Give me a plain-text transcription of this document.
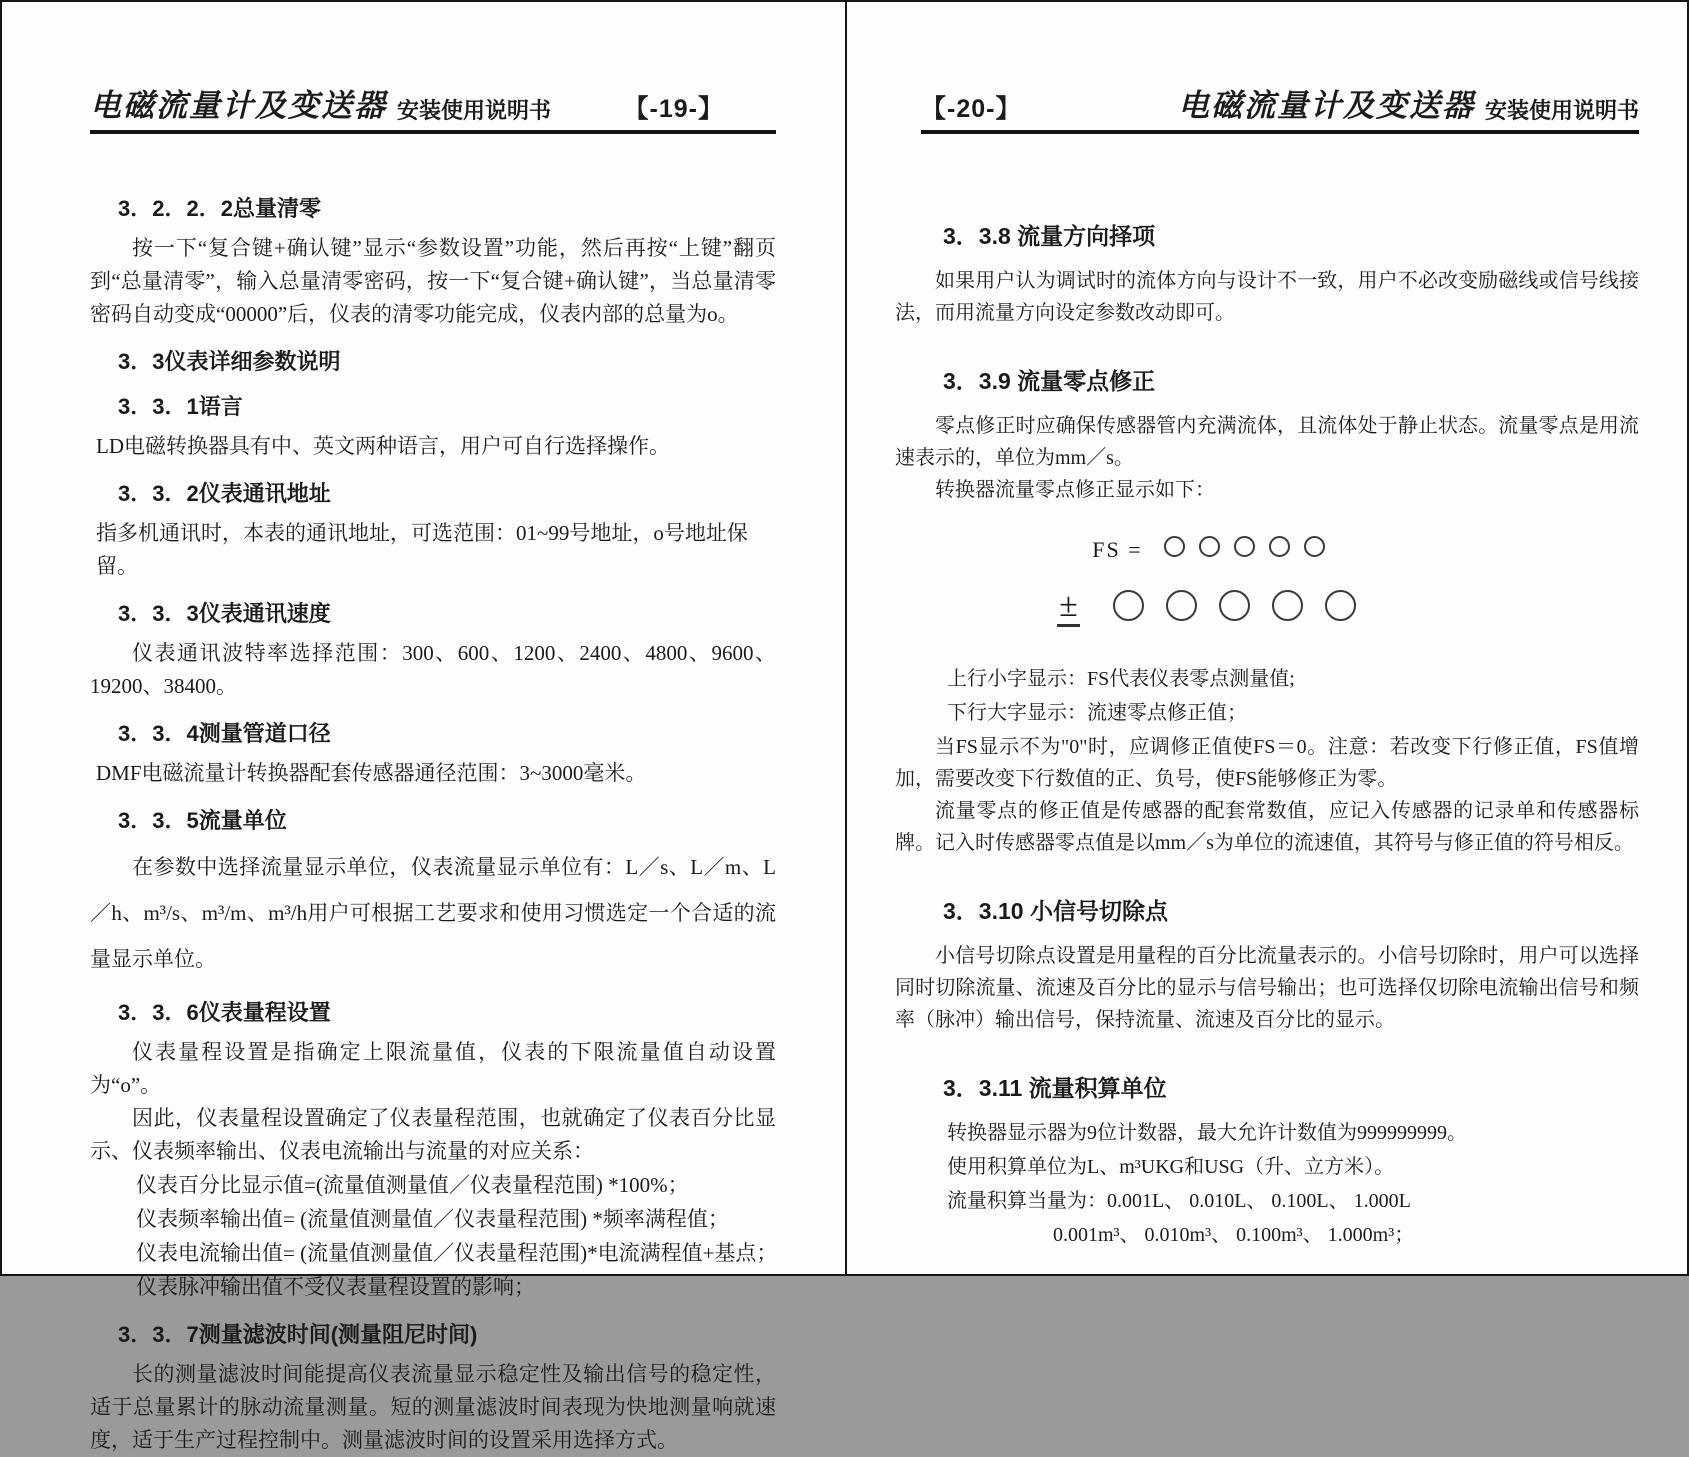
电磁流量计及变送器 安装使用说明书	【-19-】
3．2．2．2总量清零
按一下“复合键+确认键”显示“参数设置”功能，然后再按“上键”翻页到“总量清零”，输入总量清零密码，按一下“复合键+确认键”，当总量清零密码自动变成“00000”后，仪表的清零功能完成，仪表内部的总量为o。
3．3仪表详细参数说明
3．3．1语言
LD电磁转换器具有中、英文两种语言，用户可自行选择操作。
3．3．2仪表通讯地址
指多机通讯时，本表的通讯地址，可选范围：01~99号地址，o号地址保留。
3．3．3仪表通讯速度
仪表通讯波特率选择范围：300、600、1200、2400、4800、9600、19200、38400。
3．3．4测量管道口径
DMF电磁流量计转换器配套传感器通径范围：3~3000毫米。
3．3．5流量单位
在参数中选择流量显示单位，仪表流量显示单位有：L／s、L／m、L／h、m³/s、m³/m、m³/h用户可根据工艺要求和使用习惯选定一个合适的流量显示单位。
3．3．6仪表量程设置
仪表量程设置是指确定上限流量值，仪表的下限流量值自动设置为“o”。
因此，仪表量程设置确定了仪表量程范围，也就确定了仪表百分比显示、仪表频率输出、仪表电流输出与流量的对应关系：
仪表百分比显示值=(流量值测量值／仪表量程范围) *100%；
仪表频率输出值= (流量值测量值／仪表量程范围) *频率满程值；
仪表电流输出值= (流量值测量值／仪表量程范围)*电流满程值+基点；
仪表脉冲输出值不受仪表量程设置的影响；
3．3．7测量滤波时间(测量阻尼时间)
长的测量滤波时间能提高仪表流量显示稳定性及输出信号的稳定性，适于总量累计的脉动流量测量。短的测量滤波时间表现为快地测量响就速度，适于生产过程控制中。测量滤波时间的设置采用选择方式。
【-20-】	电磁流量计及变送器 安装使用说明书
3．3.8 流量方向择项
如果用户认为调试时的流体方向与设计不一致，用户不必改变励磁线或信号线接法，而用流量方向设定参数改动即可。
3．3.9 流量零点修正
零点修正时应确保传感器管内充满流体，且流体处于静止状态。流量零点是用流速表示的，单位为mm／s。
转换器流量零点修正显示如下：
FS =
±
上行小字显示：FS代表仪表零点测量值;
下行大字显示：流速零点修正值；
当FS显示不为"0"时，应调修正值使FS＝0。注意：若改变下行修正值，FS值增加，需要改变下行数值的正、负号，使FS能够修正为零。
流量零点的修正值是传感器的配套常数值，应记入传感器的记录单和传感器标牌。记入时传感器零点值是以mm／s为单位的流速值，其符号与修正值的符号相反。
3．3.10 小信号切除点
小信号切除点设置是用量程的百分比流量表示的。小信号切除时，用户可以选择同时切除流量、流速及百分比的显示与信号输出；也可选择仅切除电流输出信号和频率（脉冲）输出信号，保持流量、流速及百分比的显示。
3．3.11 流量积算单位
转换器显示器为9位计数器，最大允许计数值为999999999。
使用积算单位为L、m³UKG和USG（升、立方米）。
流量积算当量为：0.001L、 0.010L、 0.100L、 1.000L
0.001m³、 0.010m³、 0.100m³、 1.000m³；
